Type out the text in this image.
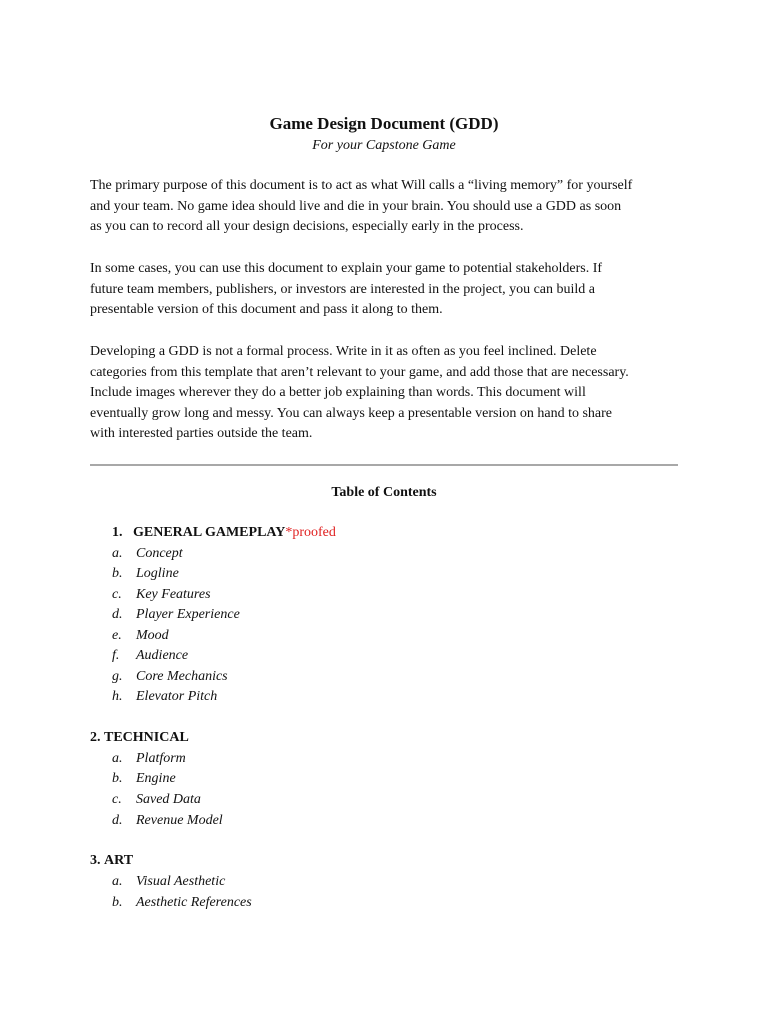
Game Design Document (GDD)
For your Capstone Game
The primary purpose of this document is to act as what Will calls a “living memory” for yourself
and your team. No game idea should live and die in your brain. You should use a GDD as soon
as you can to record all your design decisions, especially early in the process.
In some cases, you can use this document to explain your game to potential stakeholders. If
future team members, publishers, or investors are interested in the project, you can build a
presentable version of this document and pass it along to them.
Developing a GDD is not a formal process. Write in it as often as you feel inclined. Delete
categories from this template that aren’t relevant to your game, and add those that are necessary.
Include images wherever they do a better job explaining than words. This document will
eventually grow long and messy. You can always keep a presentable version on hand to share
with interested parties outside the team.
Table of Contents
1. GENERAL GAMEPLAY*proofed
a. Concept
b. Logline
c. Key Features
d. Player Experience
e. Mood
f. Audience
g. Core Mechanics
h. Elevator Pitch
2. TECHNICAL
a. Platform
b. Engine
c. Saved Data
d. Revenue Model
3. ART
a. Visual Aesthetic
b. Aesthetic References
